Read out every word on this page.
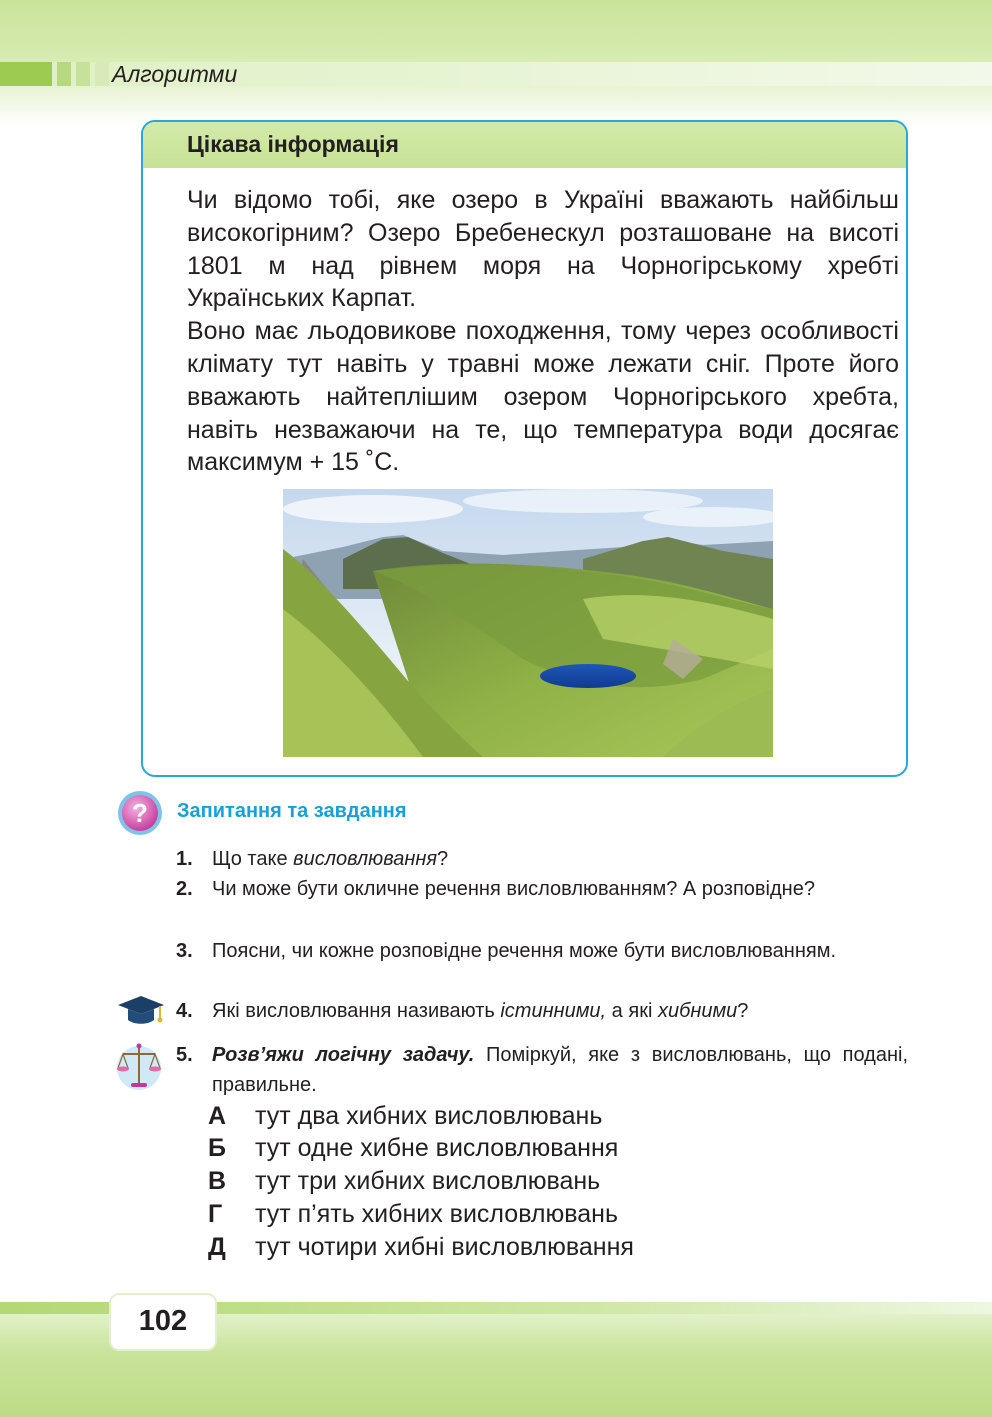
Алгоритми
Цікава інформація

Чи відомо тобі, яке озеро в Україні вважають найбільш високогірним? Озеро Бребенескул розташоване на висоті 1801 м над рівнем моря на Чорногірському хребті Українських Карпат.

Воно має льодовикове походження, тому через особливості клімату тут навіть у травні може лежати сніг. Проте його вважають найтеплішим озером Чорногірського хребта, навіть незважаючи на те, що температура води досягає максимум + 15 ˚С.

? Запитання та завдання
1. Що таке висловлювання?
2. Чи може бути окличне речення висловлюванням? А розповідне?
3. Поясни, чи кожне розповідне речення може бути висловлюванням.
4. Які висловлювання називають істинними, а які хибними?
5. Розв’яжи логічну задачу. Поміркуй, яке з висловлювань, що подані, правильне.
А тут два хибних висловлювань
Б тут одне хибне висловлювання
В тут три хибних висловлювань
Г тут п’ять хибних висловлювань
Д тут чотири хибні висловлювання
102
